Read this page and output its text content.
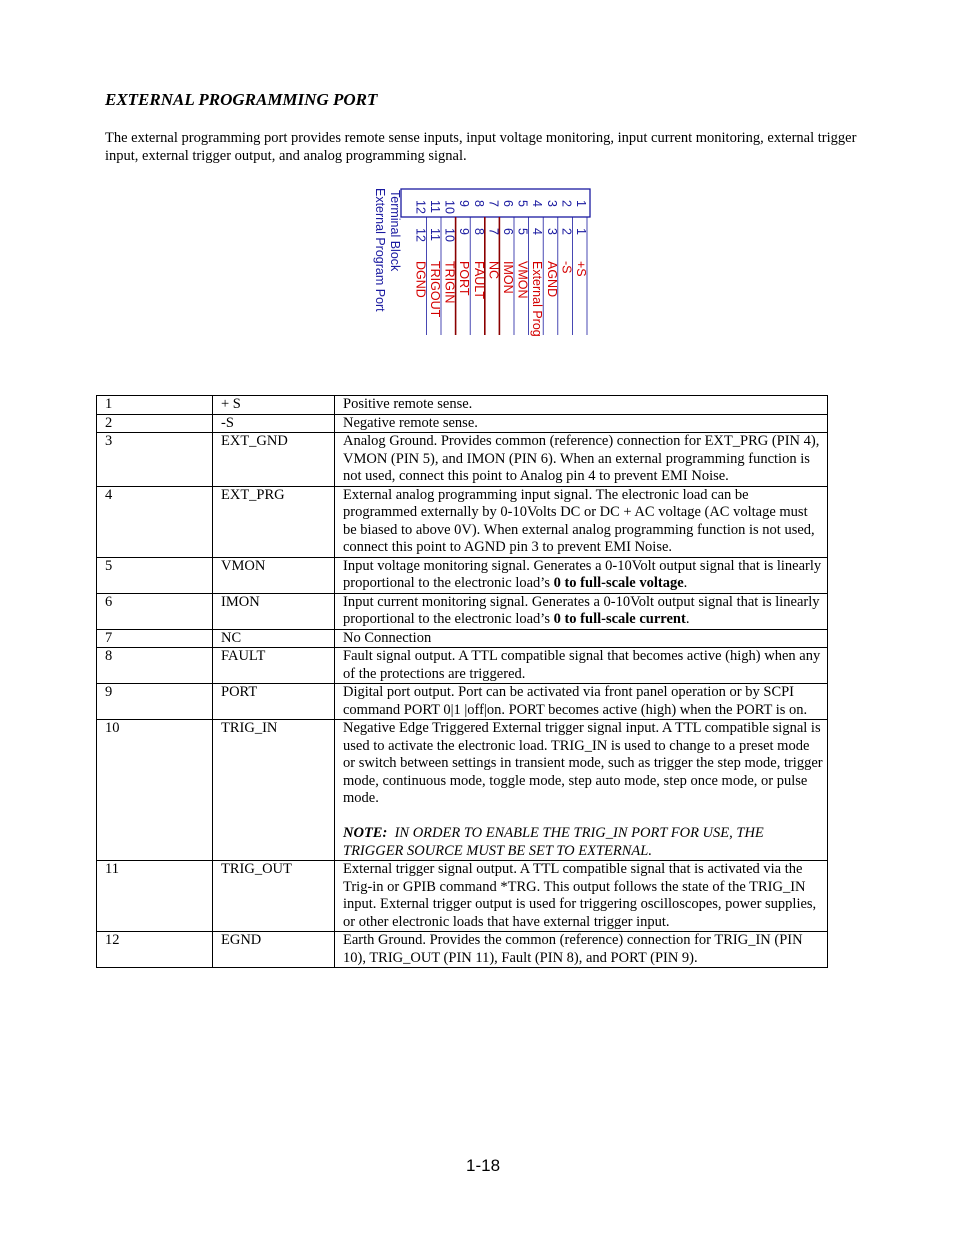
EXTERNAL PROGRAMMING PORT

The external programming port provides remote sense inputs, input voltage monitoring, input current monitoring, external trigger input, external trigger output, and analog programming signal.

Terminal Block
External Program Port	1
2
3
4
5
6
7
8
9
10
11
12
1
+S
2
-S
3
AGND
4
External Prog
5
VMON
6
IMON
7
NC
8
FAULT
9
PORT
10
TRIGIN
11
TRIGOUT
12
DGND
1	+ S	Positive remote sense.
2	-S	Negative remote sense.
3	EXT_GND	Analog Ground. Provides common (reference) connection for EXT_PRG (PIN 4), VMON (PIN 5), and IMON (PIN 6). When an external programming function is not used, connect this point to Analog pin 4 to prevent EMI Noise.
4	EXT_PRG	External analog programming input signal. The electronic load can be programmed externally by 0-10Volts DC or DC + AC voltage (AC voltage must be biased to above 0V). When external analog programming function is not used, connect this point to AGND pin 3 to prevent EMI Noise.
5	VMON	Input voltage monitoring signal. Generates a 0-10Volt output signal that is linearly proportional to the electronic load’s 0 to full-scale voltage.
6	IMON	Input current monitoring signal. Generates a 0-10Volt output signal that is linearly proportional to the electronic load’s 0 to full-scale current.
7	NC	No Connection
8	FAULT	Fault signal output. A TTL compatible signal that becomes active (high) when any of the protections are triggered.
9	PORT	Digital port output. Port can be activated via front panel operation or by SCPI command PORT 0|1 |off|on. PORT becomes active (high) when the PORT is on.
10	TRIG_IN	Negative Edge Triggered External trigger signal input. A TTL compatible signal is used to activate the electronic load. TRIG_IN is used to change to a preset mode or switch between settings in transient mode, such as trigger the step mode, trigger mode, continuous mode, toggle mode, step auto mode, step once mode, or pulse mode.
NOTE: IN ORDER TO ENABLE THE TRIG_IN PORT FOR USE, THE TRIGGER SOURCE MUST BE SET TO EXTERNAL.

11	TRIG_OUT	External trigger signal output. A TTL compatible signal that is activated via the Trig-in or GPIB command *TRG. This output follows the state of the TRIG_IN input. External trigger output is used for triggering oscilloscopes, power supplies, or other electronic loads that have external trigger input.
12	EGND	Earth Ground. Provides the common (reference) connection for TRIG_IN (PIN 10), TRIG_OUT (PIN 11), Fault (PIN 8), and PORT (PIN 9).
1-18
